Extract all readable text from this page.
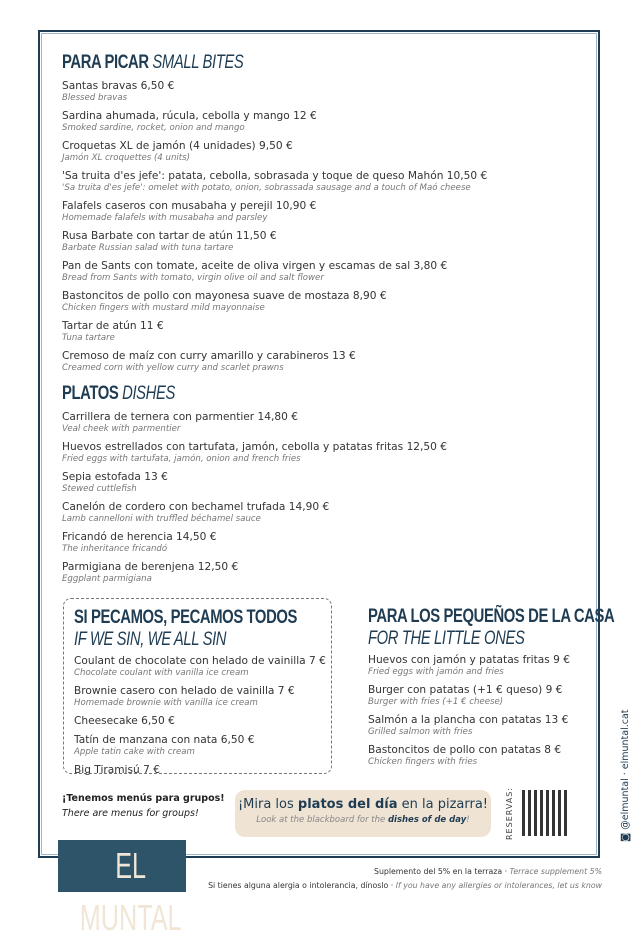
PARA PICAR SMALL BITES
Santas bravas 6,50 €
Blessed bravas
Sardina ahumada, rúcula, cebolla y mango 12 €
Smoked sardine, rocket, onion and mango
Croquetas XL de jamón (4 unidades) 9,50 €
Jamón XL croquettes (4 units)
'Sa truita d'es jefe': patata, cebolla, sobrasada y toque de queso Mahón 10,50 €
'Sa truita d'es jefe': omelet with potato, onion, sobrassada sausage and a touch of Maó cheese
Falafels caseros con musabaha y perejil 10,90 €
Homemade falafels with musabaha and parsley
Rusa Barbate con tartar de atún 11,50 €
Barbate Russian salad with tuna tartare
Pan de Sants con tomate, aceite de oliva virgen y escamas de sal 3,80 €
Bread from Sants with tomato, virgin olive oil and salt flower
Bastoncitos de pollo con mayonesa suave de mostaza 8,90 €
Chicken fingers with mustard mild mayonnaise
Tartar de atún 11 €
Tuna tartare
Cremoso de maíz con curry amarillo y carabineros 13 €
Creamed corn with yellow curry and scarlet prawns
PLATOS DISHES
Carrillera de ternera con parmentier 14,80 €
Veal cheek with parmentier
Huevos estrellados con tartufata, jamón, cebolla y patatas fritas 12,50 €
Fried eggs with tartufata, jamón, onion and french fries
Sepia estofada 13 €
Stewed cuttlefish
Canelón de cordero con bechamel trufada 14,90 €
Lamb cannelloni with truffled béchamel sauce
Fricandó de herencia 14,50 €
The inheritance fricandó
Parmigiana de berenjena 12,50 €
Eggplant parmigiana
SI PECAMOS, PECAMOS TODOS
IF WE SIN, WE ALL SIN
Coulant de chocolate con helado de vainilla 7 €
Chocolate coulant with vanilla ice cream
Brownie casero con helado de vainilla 7 €
Homemade brownie with vanilla ice cream
Cheesecake 6,50 €
Tatín de manzana con nata 6,50 €
Apple tatin cake with cream
Big Tiramisú 7 €
PARA LOS PEQUEÑOS DE LA CASA
FOR THE LITTLE ONES
Huevos con jamón y patatas fritas 9 €
Fried eggs with jamón and fries
Burger con patatas (+1 € queso) 9 €
Burger with fries (+1 € cheese)
Salmón a la plancha con patatas 13 €
Grilled salmon with fries
Bastoncitos de pollo con patatas 8 €
Chicken fingers with fries
¡Tenemos menús para grupos!
There are menus for groups!
¡Mira los platos del día en la pizarra!
Look at the blackboard for the dishes of de day!	RESERVAS:	◙ @elmuntal · elmuntal.cat
EL MUNTAL
Suplemento del 5% en la terraza · Terrace supplement 5%
Si tienes alguna alergia o intolerancia, dínoslo · If you have any allergies or intolerances, let us know
